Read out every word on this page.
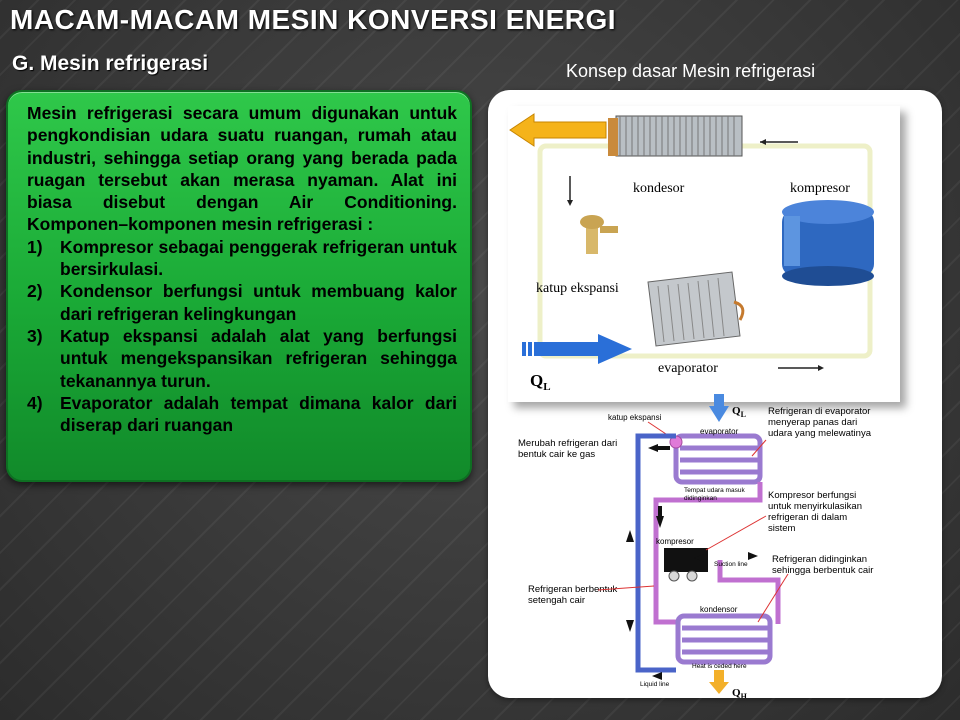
MACAM-MACAM MESIN KONVERSI ENERGI
G. Mesin refrigerasi	Konsep dasar Mesin refrigerasi

Mesin refrigerasi secara umum digunakan untuk pengkondisian udara suatu ruangan, rumah atau industri, sehingga setiap orang yang berada pada ruagan tersebut akan merasa nyaman. Alat ini biasa disebut dengan Air Conditioning. Komponen–komponen mesin refrigerasi :

1) Kompresor sebagai penggerak refrigeran untuk bersirkulasi.
2) Kondensor berfungsi untuk membuang kalor dari refrigeran kelingkungan
3) Katup ekspansi adalah alat yang berfungsi untuk mengekspansikan refrigeran sehingga tekanannya turun.
4) Evaporator adalah tempat dimana kalor dari diserap dari ruangan
kondesor	kompresor
katup ekspansi
evaporator
$Q_L$
$Q_L$
evaporator
katup ekspansi
kompresor
kondensor
$Q_H$
Refrigeran di evaporator menyerap panas dari udara yang melewatinya
Merubah refrigeran dari bentuk cair ke gas
Kompresor berfungsi untuk menyirkulasikan refrigeran di dalam sistem
Refrigeran didinginkan sehingga berbentuk cair
Refrigeran berbentuk setengah cair
Tempat udara masuk didinginkan
Suction line
Liquid line
Heat is ceded here
